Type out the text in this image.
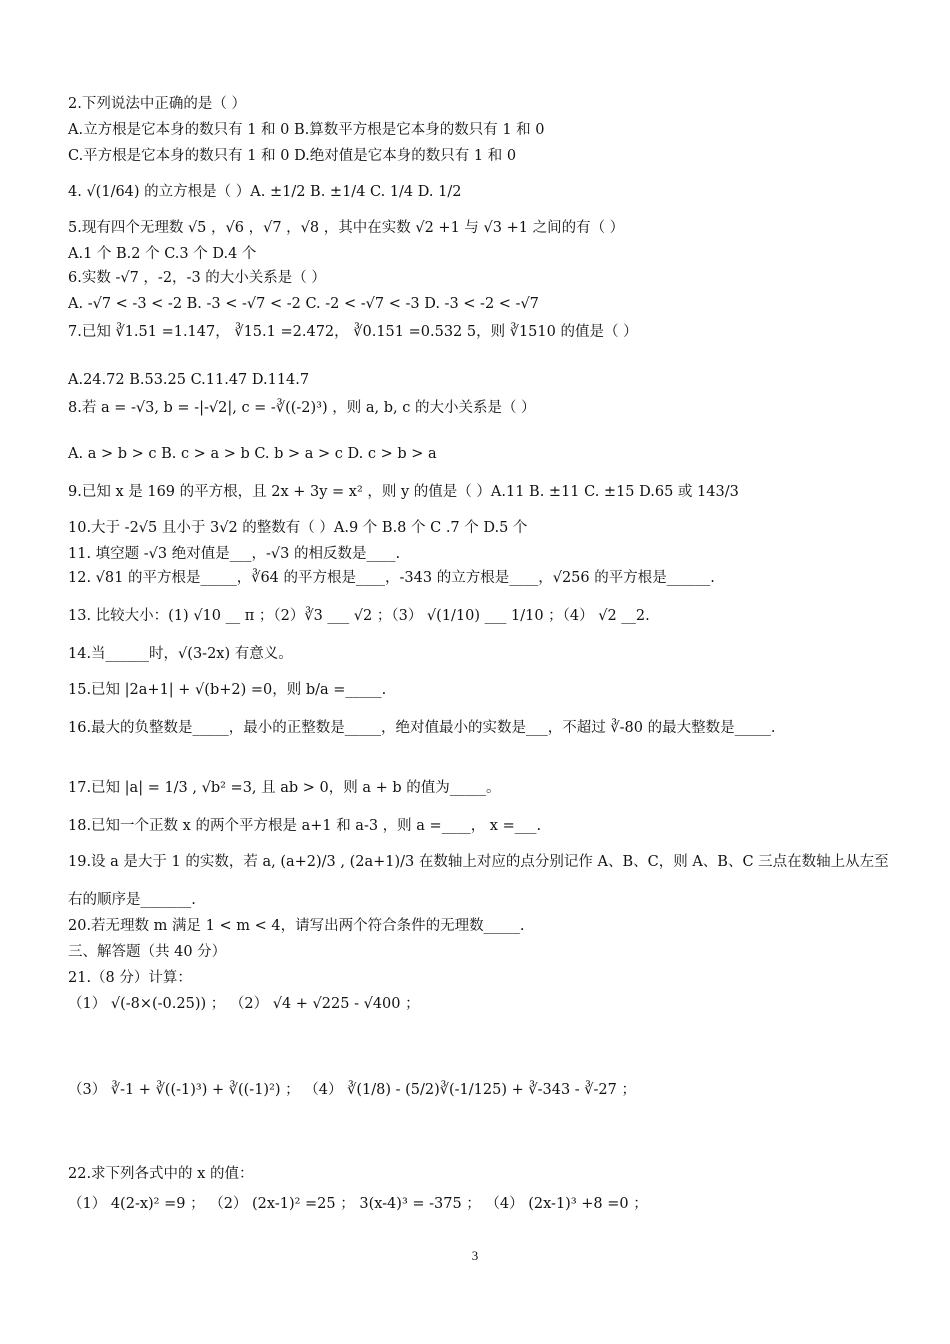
2.下列说法中正确的是（ ）
A.立方根是它本身的数只有 1 和 0 B.算数平方根是它本身的数只有 1 和 0
C.平方根是它本身的数只有 1 和 0 D.绝对值是它本身的数只有 1 和 0
4. √(1/64) 的立方根是（ ）A. ±1/2 B. ±1/4 C. 1/4 D. 1/2
5.现有四个无理数 √5 ，√6 ，√7 ，√8 ，其中在实数 √2 +1 与 √3 +1 之间的有（ ）
A.1 个 B.2 个 C.3 个 D.4 个
6.实数 -√7 ，-2，-3 的大小关系是（ ）
A. -√7 < -3 < -2 B. -3 < -√7 < -2 C. -2 < -√7 < -3 D. -3 < -2 < -√7
7.已知 ∛1.51 =1.147， ∛15.1 =2.472， ∛0.151 =0.532 5，则 ∛1510 的值是（ ）
A.24.72 B.53.25 C.11.47 D.114.7
8.若 a = -√3, b = -|-√2|, c = -∛((-2)³) ，则 a, b, c 的大小关系是（ ）
A. a > b > c B. c > a > b C. b > a > c D. c > b > a
9.已知 x 是 169 的平方根，且 2x + 3y = x² ，则 y 的值是（ ）A.11 B. ±11 C. ±15 D.65 或 143/3
10.大于 -2√5 且小于 3√2 的整数有（ ）A.9 个 B.8 个 C .7 个 D.5 个
11. 填空题 -√3 绝对值是___，-√3 的相反数是____.
12. √81 的平方根是_____，∛64 的平方根是____，-343 的立方根是____，√256 的平方根是______.
13. 比较大小：(1) √10 __ π ；（2）∛3 ___ √2 ；（3） √(1/10) ___ 1/10 ；（4） √2 __2.
14.当______时，√(3-2x) 有意义。
15.已知 |2a+1| + √(b+2) =0，则 b/a =_____.
16.最大的负整数是_____，最小的正整数是_____，绝对值最小的实数是___，不超过 ∛-80 的最大整数是_____.
17.已知 |a| = 1/3 , √b² =3, 且 ab > 0，则 a + b 的值为_____。
18.已知一个正数 x 的两个平方根是 a+1 和 a-3 ，则 a =____， x =___.
19.设 a 是大于 1 的实数，若 a, (a+2)/3 , (2a+1)/3 在数轴上对应的点分别记作 A、B、C，则 A、B、C 三点在数轴上从左至
右的顺序是_______.
20.若无理数 m 满足 1 < m < 4，请写出两个符合条件的无理数_____.
三、解答题（共 40 分）
21.（8 分）计算：
（1） √(-8×(-0.25)) ； （2） √4 + √225 - √400 ；
（3） ∛-1 + ∛((-1)³) + ∛((-1)²) ； （4） ∛(1/8) - (5/2)∛(-1/125) + ∛-343 - ∛-27 ；
22.求下列各式中的 x 的值：
（1） 4(2-x)² =9 ； （2） (2x-1)² =25 ； 3(x-4)³ = -375 ； （4） (2x-1)³ +8 =0 ；
3
